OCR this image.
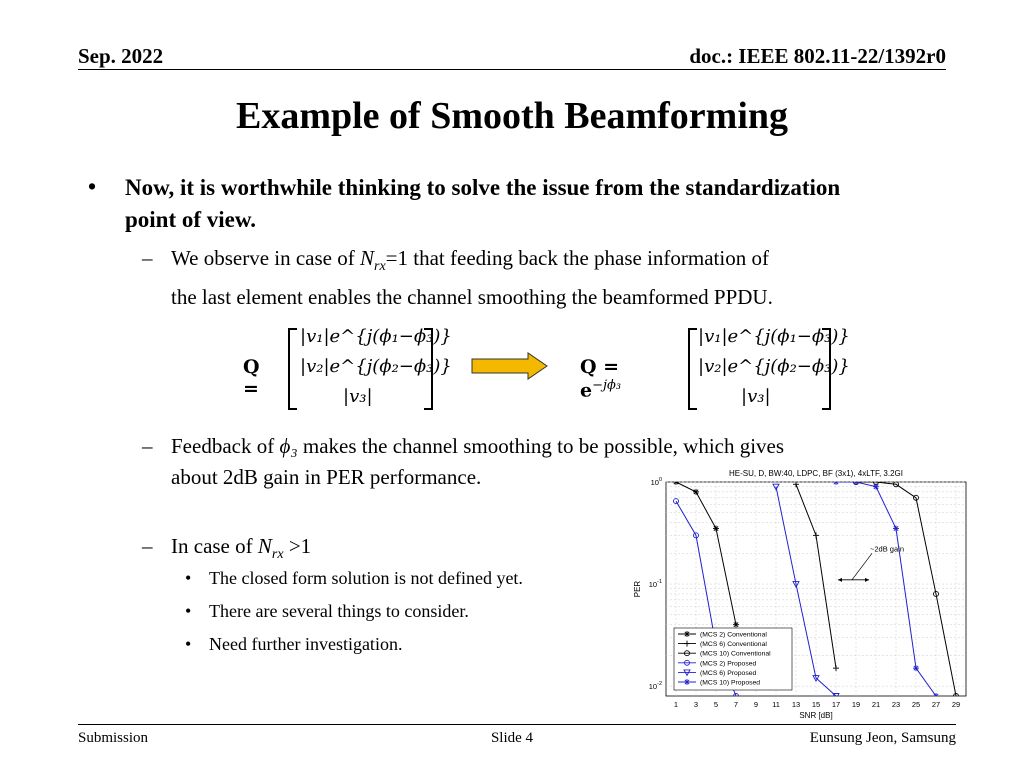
Sep. 2022	doc.: IEEE 802.11-22/1392r0
Example of Smooth Beamforming
• Now, it is worthwhile thinking to solve the issue from the standardization point of view.
– We observe in case of $N_{rx}=1$ that feeding back the phase information of
the last element enables the channel smoothing the beamformed PPDU.
Q =
|v₁|e^{j(ϕ₁−ϕ₃)}
|v₂|e^{j(ϕ₂−ϕ₃)}
|v₃|
$Q = e^{-j\phi_3}$
|v₁|e^{j(ϕ₁−ϕ₃)}
|v₂|e^{j(ϕ₂−ϕ₃)}
|v₃|
– Feedback of ϕ₃ makes the channel smoothing to be possible, which gives
about 2dB gain in PER performance.
– In case of $N_{rx} >1$
• The closed form solution is not defined yet.
• There are several things to consider.
• Need further investigation.
1 3 5 7 9 11 13 15 17 19 21 23 25 27 29
$10^0$
$10^{-1}$
$10^{-2}$
HE-SU, D, BW:40, LDPC, BF (3x1), 4xLTF, 3.2GI
SNR [dB]
PER
~2dB gain
(MCS 2) Conventional
(MCS 6) Conventional
(MCS 10) Conventional
(MCS 2) Proposed
(MCS 6) Proposed
(MCS 10) Proposed
Submission	Slide 4	Eunsung Jeon, Samsung
